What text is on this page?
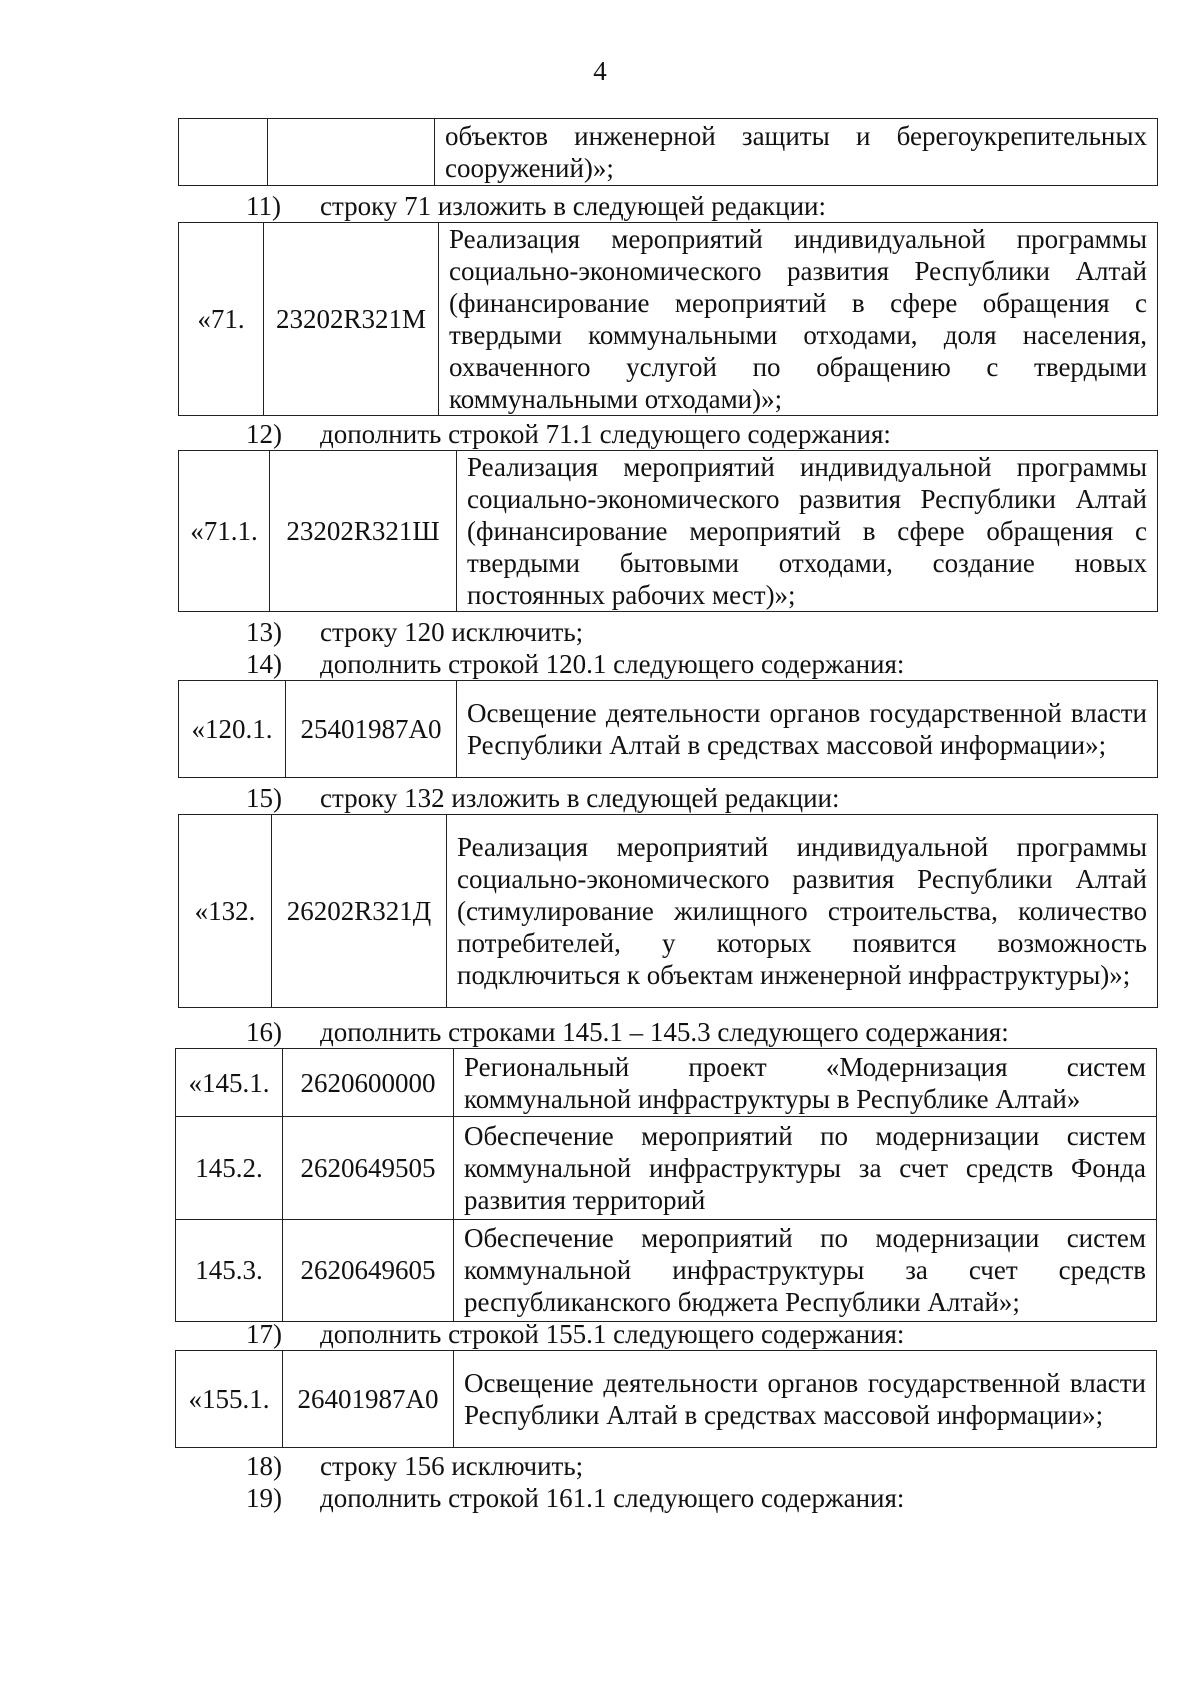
4
		объектов инженерной защиты и берегоукрепительных сооружений)»;
11) строку 71 изложить в следующей редакции:
«71.	23202R321М	Реализация мероприятий индивидуальной программы социально-экономического развития Республики Алтай (финансирование мероприятий в сфере обращения с твердыми коммунальными отходами, доля населения, охваченного услугой по обращению с твердыми коммунальными отходами)»;
12) дополнить строкой 71.1 следующего содержания:
«71.1.	23202R321Ш	Реализация мероприятий индивидуальной программы социально-экономического развития Республики Алтай (финансирование мероприятий в сфере обращения с твердыми бытовыми отходами, создание новых постоянных рабочих мест)»;
13) строку 120 исключить;
14) дополнить строкой 120.1 следующего содержания:
«120.1.	25401987А0	Освещение деятельности органов государственной власти Республики Алтай в средствах массовой информации»;
15) строку 132 изложить в следующей редакции:
«132.	26202R321Д	Реализация мероприятий индивидуальной программы социально-экономического развития Республики Алтай (стимулирование жилищного строительства, количество потребителей, у которых появится возможность подключиться к объектам инженерной инфраструктуры)»;
16) дополнить строками 145.1 – 145.3 следующего содержания:
«145.1.	2620600000	Региональный проект «Модернизация систем коммунальной инфраструктуры в Республике Алтай»
145.2.	2620649505	Обеспечение мероприятий по модернизации систем коммунальной инфраструктуры за счет средств Фонда развития территорий
145.3.	2620649605	Обеспечение мероприятий по модернизации систем коммунальной инфраструктуры за счет средств республиканского бюджета Республики Алтай»;
17) дополнить строкой 155.1 следующего содержания:
«155.1.	26401987А0	Освещение деятельности органов государственной власти Республики Алтай в средствах массовой информации»;
18) строку 156 исключить;
19) дополнить строкой 161.1 следующего содержания:
